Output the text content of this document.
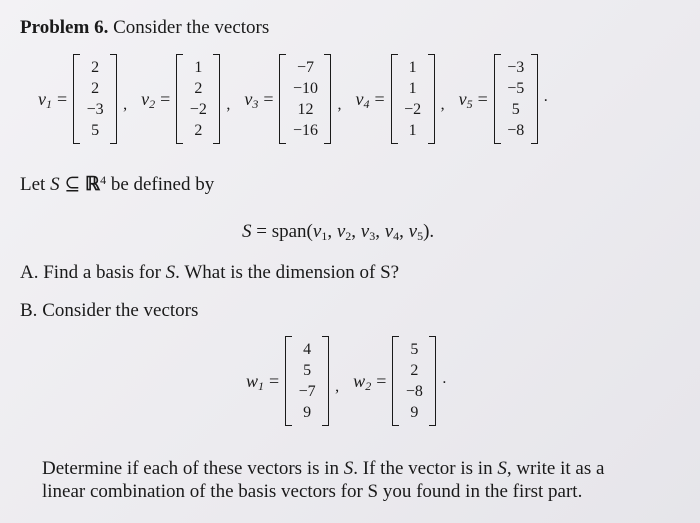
Problem 6. Consider the vectors
$v_1$ =
2
2
−3
5
, $v_2$ =
1
2
−2
2
, $v_3$ =
−7
−10
12
−16
, $v_4$ =
1
1
−2
1
, $v_5$ =
−3
−5
5
−8
.
Let S ⊆ ℝ$^4$ be defined by
$S = span(v_1$, $v_2$, $v_3$, $v_4$, $v_5$).
A. Find a basis for S. What is the dimension of S?
B. Consider the vectors
$w_1$ =
4
5
−7
9
, $w_2$ =
5
2
−8
9
.
Determine if each of these vectors is in S. If the vector is in S, write it as a
linear combination of the basis vectors for S you found in the first part.
